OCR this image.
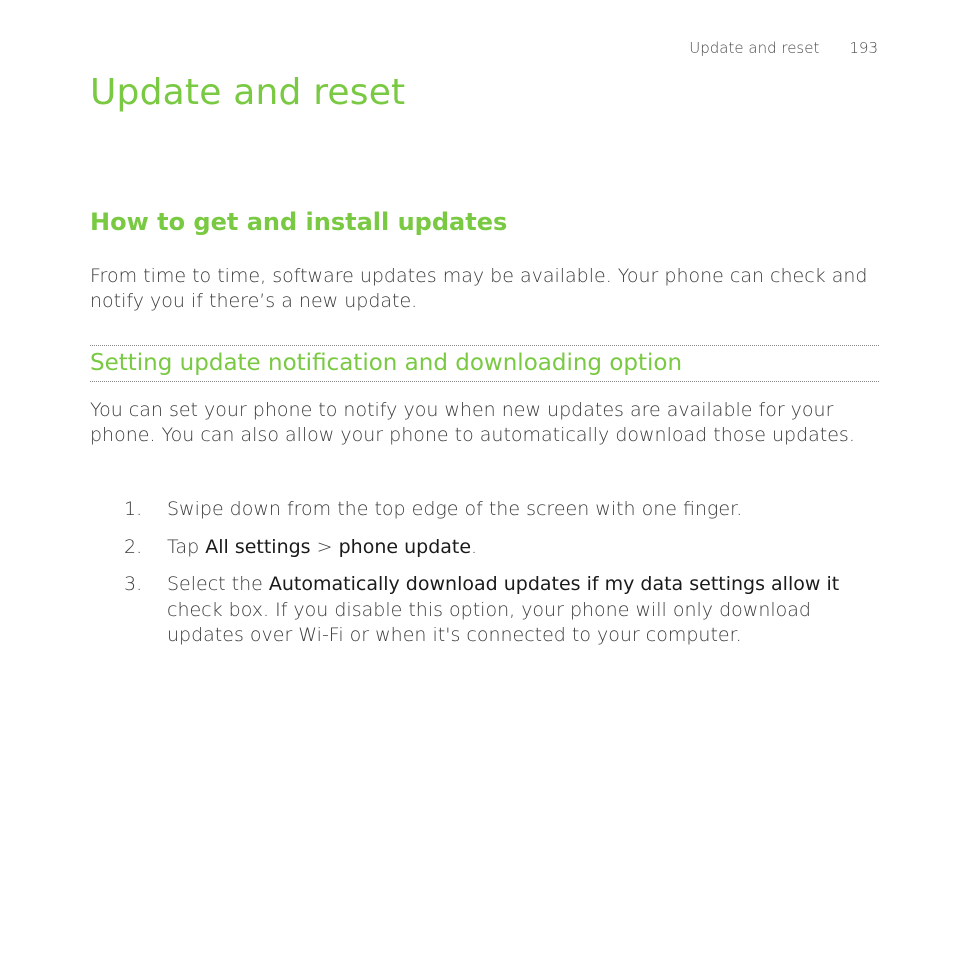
Update and reset 193
Update and reset
How to get and install updates

From time to time, software updates may be available. Your phone can check and notify you if there’s a new update.

Setting update notification and downloading option

You can set your phone to notify you when new updates are available for your phone. You can also allow your phone to automatically download those updates.

1. Swipe down from the top edge of the screen with one finger.
2. Tap All settings > phone update.
3. Select the Automatically download updates if my data settings allow it check box. If you disable this option, your phone will only download updates over Wi-Fi or when it's connected to your computer.
